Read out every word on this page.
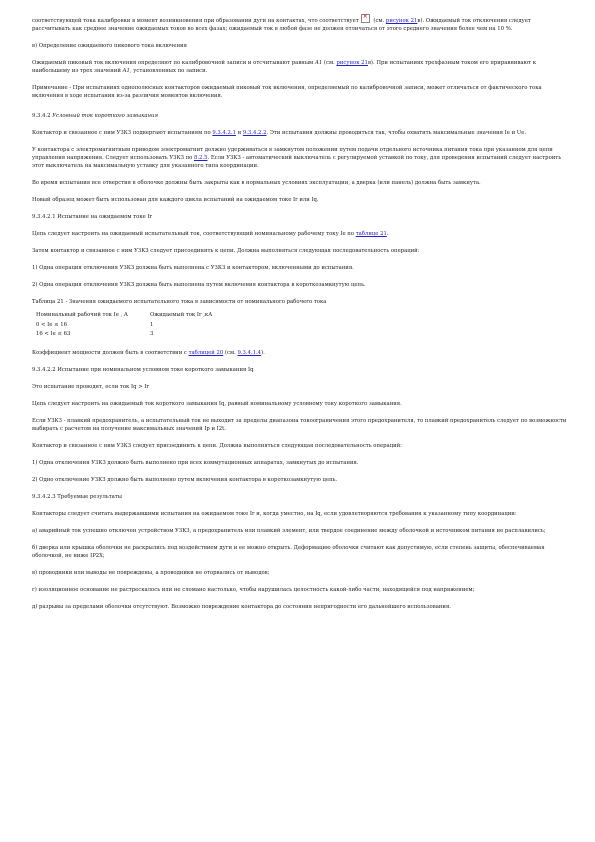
соответствующей тока калибровки в момент возникновения при образовании дуги на контактах, что соответствует× (см. рисунок 21в). Ожидаемый ток отключения следует рассчитывать как среднее значение ожидаемых токов во всех фазах; ожидаемый ток в любой фазе не должен отличаться от этого среднего значения более чем на 10 %.

в) Определение ожидаемого пикового тока включения

Ожидаемый пиковый ток включения определяют по калибровочной записи и отсчитывают равным А1 (см. рисунок 21в). При испытаниях трехфазным током его приравнивают к наибольшему из трех значений А1, установленных по записи.

Примечание - При испытаниях однополюсных контакторов ожидаемый пиковый ток включения, определяемый по калибровочной записи, может отличаться от фактического тока включения в ходе испытания из-за различия моментов включения.

9.3.4.2 Условный ток короткого замыкания

Контактор и связанное с ним УЗКЗ подвергают испытаниям по 9.3.4.2.1 и 9.3.4.2.2. Эти испытания должны проводиться так, чтобы охватить максимальные значения Ie и Uе.

У контактора с электромагнитным приводом электромагнит должно удерживаться в замкнутом положении путем подачи отдельного источника питания тока при указанном для цепи управления напряжения. Следует использовать УЗКЗ по 8.2.5. Если УЗКЗ - автоматический выключатель с регулируемой уставкой по току, для проведения испытаний следует настроить этот выключатель на максимальную уставку для указанного типа координации.

Во время испытания все отверстия в оболочке должны быть закрыты как в нормальных условиях эксплуатации, а дверка (или панель) должна быть замкнута.

Новый образец может быть использован для каждого цикла испытаний на ожидаемом токе Ir или Iq.

9.3.4.2.1 Испытание на ожидаемом токе Ir

Цепь следует настроить на ожидаемый испытательный ток, соответствующий номинальному рабочему току Ie по таблице 21.

Затем контактор и связанное с ним УЗКЗ следует присоединить к цепи. Должна выполняться следующая последовательность операций:

1) Одна операция отключения УЗКЗ должна быть выполнена с УЗКЗ и контактором, включенными до испытания.

2) Одна операция отключения УЗКЗ должна быть выполнена путем включения контактора в короткозамкнутую цепь.

Таблица 21 - Значения ожидаемого испытательного тока в зависимости от номинального рабочего тока

Номинальный рабочий ток Ie , А	Ожидаемый ток Ir ,кА
0 < Ie ≤ 16	1
16 < Ie ≤ 63	3

Коэффициент мощности должен быть в соответствии с таблицей 20 (см. 9.3.4.1.4).

9.3.4.2.2 Испытание при номинальном условном токе короткого замыкания Iq

Это испытание проводят, если ток Iq > Ir

Цепь следует настроить на ожидаемый ток короткого замыкания Iq, равный номинальному условному току короткого замыкания.

Если УЗКЗ - плавкий предохранитель, а испытательный ток не выходит за пределы диапазона токоограничения этого предохранителя, то плавкий предохранитель следует по возможности выбирать с расчетом на получение максимальных значений Ip и I2t.

Контактор и связанное с ним УЗКЗ следует присоединить к цепи. Должна выполняться следующая последовательность операций:

1) Одна отключения УЗКЗ должно быть выполнено при всех коммутационных аппаратах, замкнутых до испытания.

2) Одно отключение УЗКЗ должно быть выполнено путем включения контактора в короткозамкнутую цепь.

9.3.4.2.3 Требуемые результаты

Контакторы следует считать выдержавшими испытания на ожидаемом токе Ir и, когда уместно, на Iq, если удовлетворяются требования к указанному типу координации:

а) аварийный ток успешно отключен устройством УЗКЗ, а предохранитель или плавкий элемент, или твердое соединение между оболочкой и источником питания не расплавились;

б) дверка или крышка оболочки не раскрылись под воздействием дуги и ее можно открыть. Деформацию оболочки считают как допустимую, если степень защиты, обеспечиваемая оболочкой, не ниже IP2X;

в) проводники или выводы не повреждены, а проводники не оторвались от выводов;

г) изоляционное основание не растрескалось или не сломано настолько, чтобы нарушилась целостность какой-либо части, находящейся под напряжением;

д) разрывы за пределами оболочки отсутствуют. Возможно повреждение контактора до состояния непригодности его дальнейшего использования.
